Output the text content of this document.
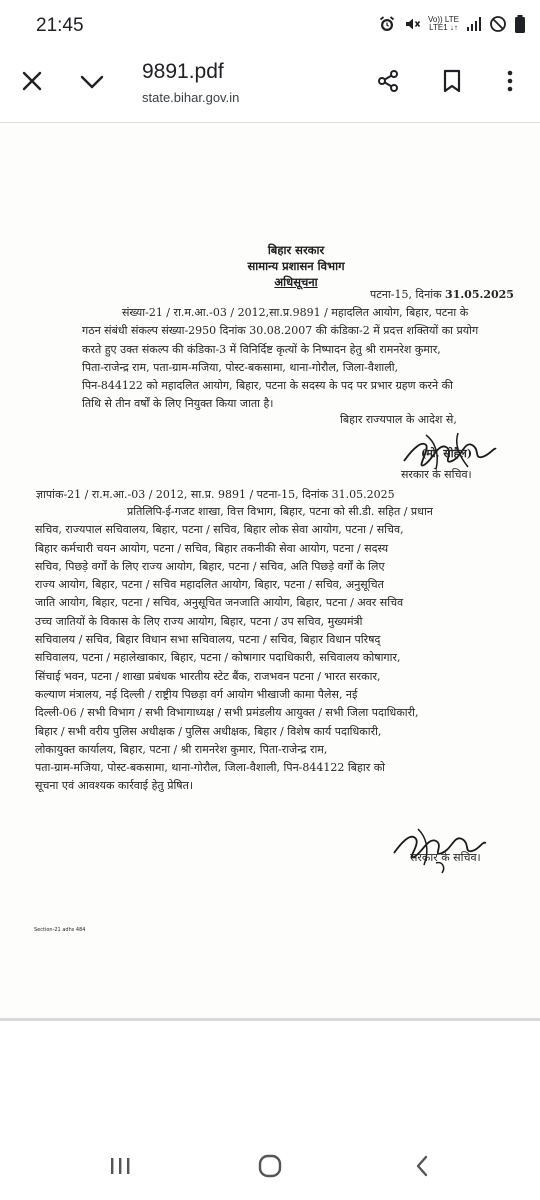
21:45	Vo)) LTE
LTE1 ↓↑
9891.pdf
state.bihar.gov.in
बिहार सरकार
सामान्य प्रशासन विभाग
अधिसूचना
पटना-15, दिनांक 31.05.2025
संख्या-21 / रा.म.आ.-03 / 2012,सा.प्र.9891 / महादलित आयोग, बिहार, पटना के
गठन संबंधी संकल्प संख्या-2950 दिनांक 30.08.2007 की कंडिका-2 में प्रदत्त शक्तियों का प्रयोग
करते हुए उक्त संकल्प की कंडिका-3 में विनिर्दिष्ट कृत्यों के निष्पादन हेतु श्री रामनरेश कुमार,
पिता-राजेन्द्र राम, पता-ग्राम-मजिया, पोस्ट-बकसामा, थाना-गोरौल, जिला-वैशाली,
पिन-844122 को महादलित आयोग, बिहार, पटना के सदस्य के पद पर प्रभार ग्रहण करने की
तिथि से तीन वर्षों के लिए नियुक्त किया जाता है।
बिहार राज्यपाल के आदेश से,
(मो. सोहैल)
सरकार के सचिव।
ज्ञापांक-21 / रा.म.आ.-03 / 2012, सा.प्र. 9891 / पटना-15, दिनांक 31.05.2025
प्रतिलिपि-ई-गजट शाखा, वित्त विभाग, बिहार, पटना को सी.डी. सहित / प्रधान
सचिव, राज्यपाल सचिवालय, बिहार, पटना / सचिव, बिहार लोक सेवा आयोग, पटना / सचिव,
बिहार कर्मचारी चयन आयोग, पटना / सचिव, बिहार तकनीकी सेवा आयोग, पटना / सदस्य
सचिव, पिछड़े वर्गों के लिए राज्य आयोग, बिहार, पटना / सचिव, अति पिछड़े वर्गों के लिए
राज्य आयोग, बिहार, पटना / सचिव महादलित आयोग, बिहार, पटना / सचिव, अनुसूचित
जाति आयोग, बिहार, पटना / सचिव, अनुसूचित जनजाति आयोग, बिहार, पटना / अवर सचिव
उच्च जातियों के विकास के लिए राज्य आयोग, बिहार, पटना / उप सचिव, मुख्यमंत्री
सचिवालय / सचिव, बिहार विधान सभा सचिवालय, पटना / सचिव, बिहार विधान परिषद्
सचिवालय, पटना / महालेखाकार, बिहार, पटना / कोषागार पदाधिकारी, सचिवालय कोषागार,
सिंचाई भवन, पटना / शाखा प्रबंधक भारतीय स्टेट बैंक, राजभवन पटना / भारत सरकार,
कल्याण मंत्रालय, नई दिल्ली / राष्ट्रीय पिछड़ा वर्ग आयोग भीखाजी कामा पैलेस, नई
दिल्ली-06 / सभी विभाग / सभी विभागाध्यक्ष / सभी प्रमंडलीय आयुक्त / सभी जिला पदाधिकारी,
बिहार / सभी वरीय पुलिस अधीक्षक / पुलिस अधीक्षक, बिहार / विशेष कार्य पदाधिकारी,
लोकायुक्त कार्यालय, बिहार, पटना / श्री रामनरेश कुमार, पिता-राजेन्द्र राम,
पता-ग्राम-मजिया, पोस्ट-बकसामा, थाना-गोरौल, जिला-वैशाली, पिन-844122 बिहार को
सूचना एवं आवश्यक कार्रवाई हेतु प्रेषित।
सरकार के सचिव।
Section-21 adhs 484
